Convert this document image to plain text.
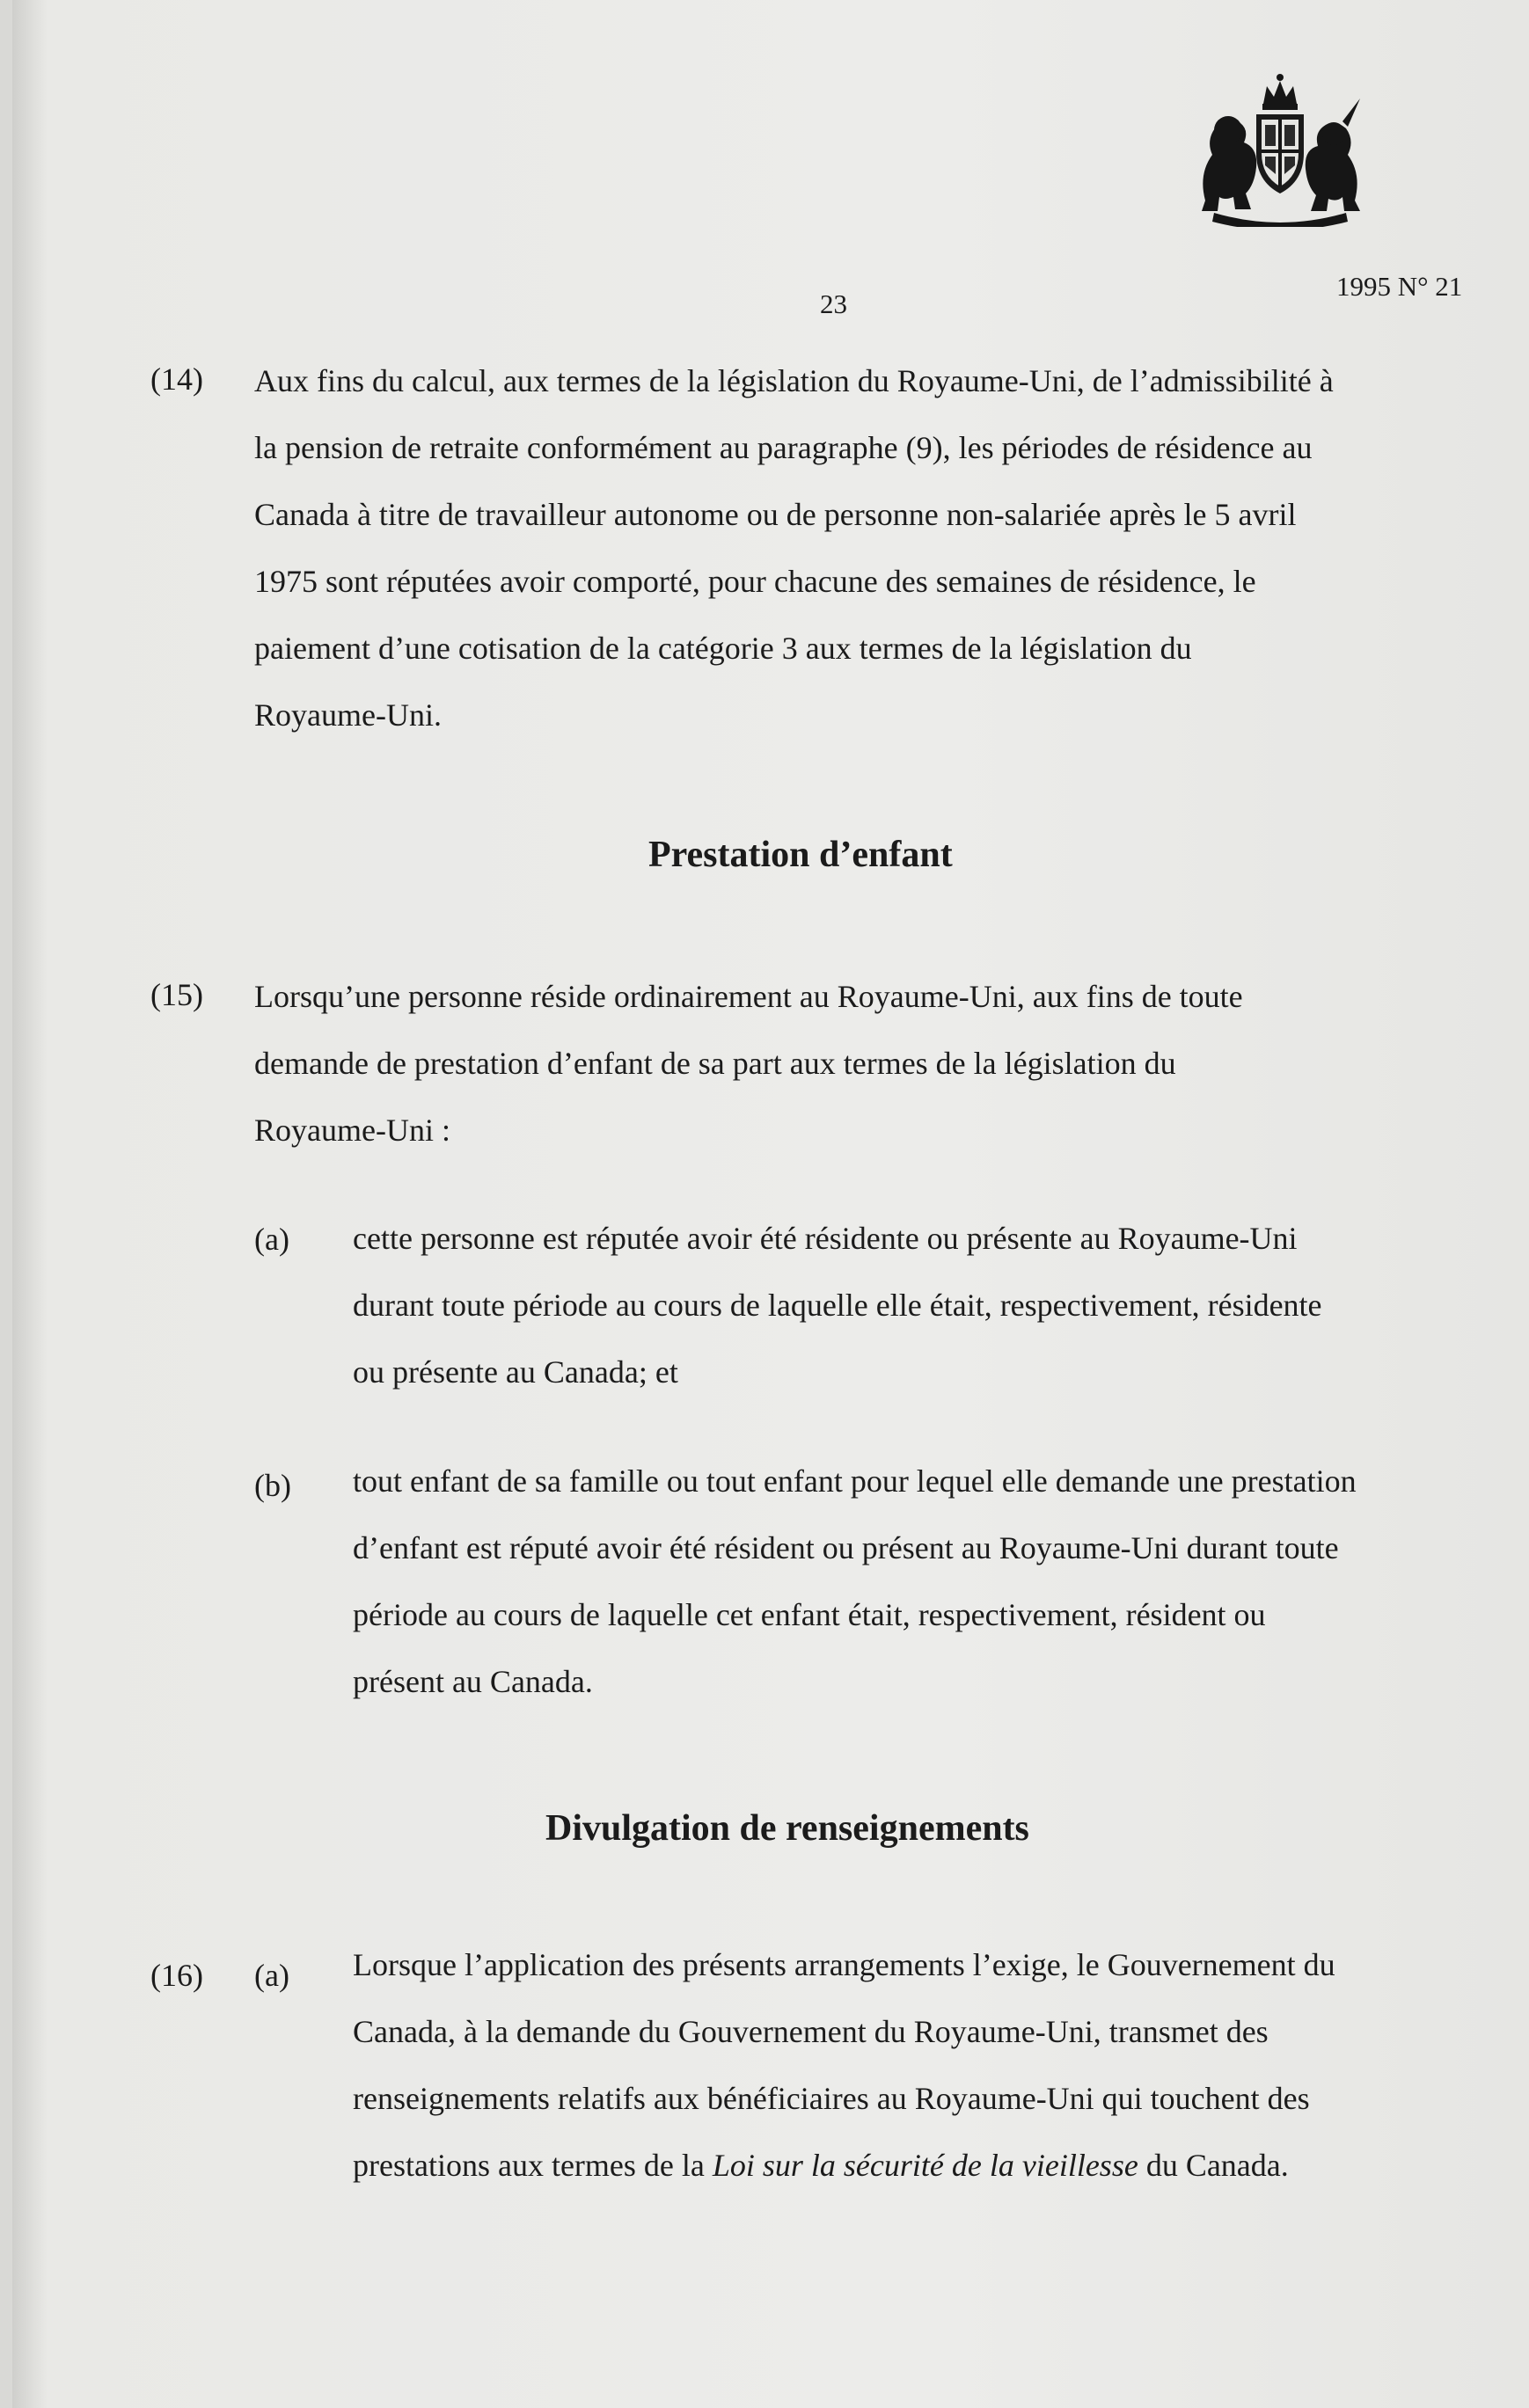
23
1995 N° 21
(14) Aux fins du calcul, aux termes de la législation du Royaume-Uni, de l’admissibilité à
la pension de retraite conformément au paragraphe (9), les périodes de résidence au
Canada à titre de travailleur autonome ou de personne non-salariée après le 5 avril
1975 sont réputées avoir comporté, pour chacune des semaines de résidence, le
paiement d’une cotisation de la catégorie 3 aux termes de la législation du
Royaume-Uni.
Prestation d’enfant
(15) Lorsqu’une personne réside ordinairement au Royaume-Uni, aux fins de toute
demande de prestation d’enfant de sa part aux termes de la législation du
Royaume-Uni :
(a) cette personne est réputée avoir été résidente ou présente au Royaume-Uni
durant toute période au cours de laquelle elle était, respectivement, résidente
ou présente au Canada; et
(b) tout enfant de sa famille ou tout enfant pour lequel elle demande une prestation
d’enfant est réputé avoir été résident ou présent au Royaume-Uni durant toute
période au cours de laquelle cet enfant était, respectivement, résident ou
présent au Canada.
Divulgation de renseignements
(16) (a) Lorsque l’application des présents arrangements l’exige, le Gouvernement du
Canada, à la demande du Gouvernement du Royaume-Uni, transmet des
renseignements relatifs aux bénéficiaires au Royaume-Uni qui touchent des
prestations aux termes de la Loi sur la sécurité de la vieillesse du Canada.
